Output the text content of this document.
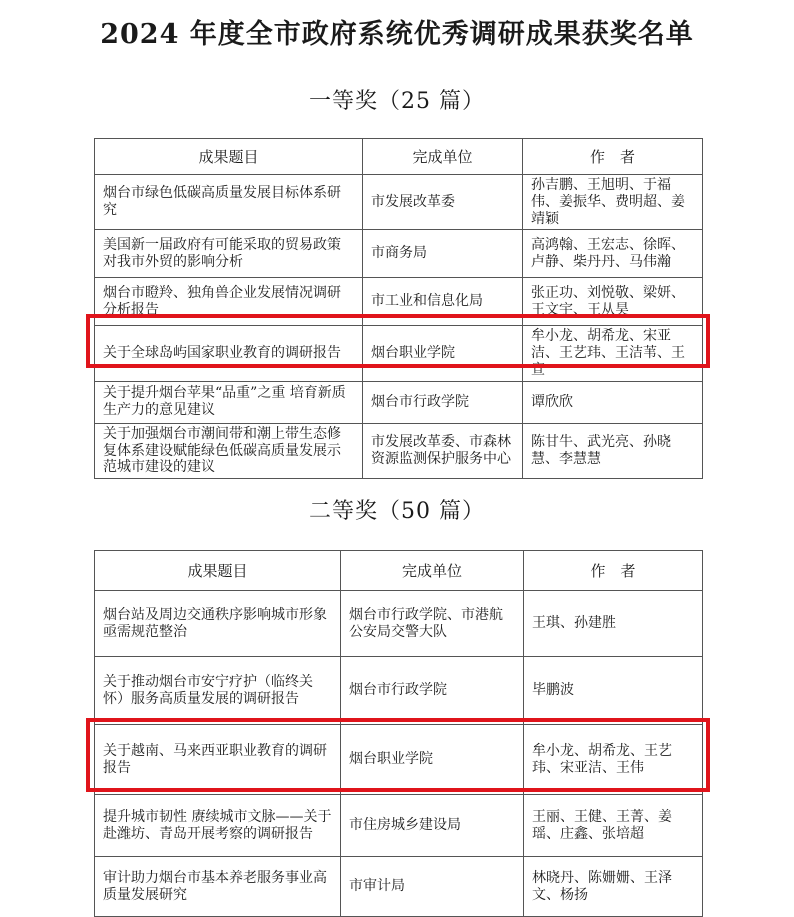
2024 年度全市政府系统优秀调研成果获奖名单
一等奖（25 篇）
成果题目	完成单位	作　者
烟台市绿色低碳高质量发展目标体系研究	市发展改革委	孙吉鹏、王旭明、于福伟、姜振华、费明超、姜靖颖
美国新一届政府有可能采取的贸易政策对我市外贸的影响分析	市商务局	高鸿翰、王宏志、徐晖、卢静、柴丹丹、马伟瀚
烟台市瞪羚、独角兽企业发展情况调研分析报告	市工业和信息化局	张正功、刘悦敬、梁妍、王文宇、王从昊
关于全球岛屿国家职业教育的调研报告	烟台职业学院	牟小龙、胡希龙、宋亚洁、王艺玮、王洁苇、王宣
关于提升烟台苹果“品重”之重 培育新质生产力的意见建议	烟台市行政学院	谭欣欣
关于加强烟台市潮间带和潮上带生态修复体系建设赋能绿色低碳高质量发展示范城市建设的建议	市发展改革委、市森林资源监测保护服务中心	陈甘牛、武光亮、孙晓慧、李慧慧
二等奖（50 篇）
成果题目	完成单位	作　者
烟台站及周边交通秩序影响城市形象亟需规范整治	烟台市行政学院、市港航公安局交警大队	王琪、孙建胜
关于推动烟台市安宁疗护（临终关怀）服务高质量发展的调研报告	烟台市行政学院	毕鹏波
关于越南、马来西亚职业教育的调研报告	烟台职业学院	牟小龙、胡希龙、王艺玮、宋亚洁、王伟
提升城市韧性 赓续城市文脉——关于赴潍坊、青岛开展考察的调研报告	市住房城乡建设局	王丽、王健、王菁、姜瑶、庄鑫、张培超
审计助力烟台市基本养老服务事业高质量发展研究	市审计局	林晓丹、陈姗姗、王泽文、杨扬
